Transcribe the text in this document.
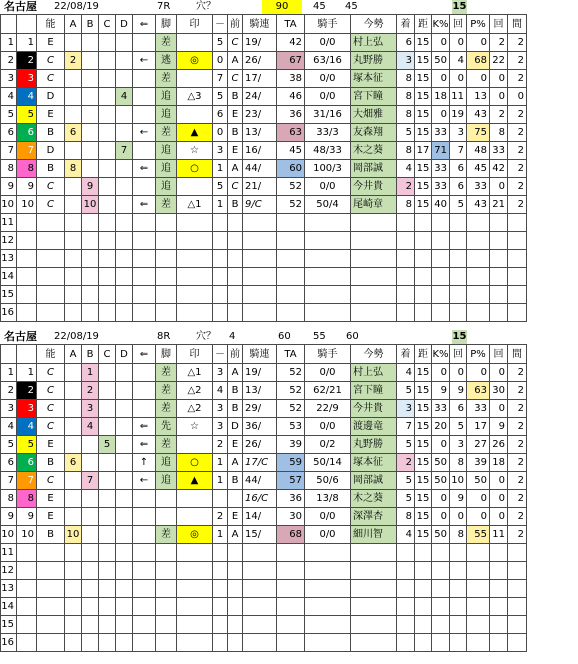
名古屋 22/08/19	7R	穴？	90	45 45	15
		能	A	B	C	D	⇐	脚	印	－	前	騎連	TA	騎手	今勢	着	距	K%	回	P%	回	間
1	1	E						差		5	C	19/	42	0/0	村上弘	6	15	0	0	0	2	2
2	2	C	2				←	逃	◎	0	A	26/	67	63/16	丸野勝	3	15	50	4	68	22	2
3	3	C						差		7	C	17/	38	0/0	塚本征	8	15	0	0	0	0	2
4	4	D				4		追	△3	5	B	24/	46	0/0	宮下瞳	8	15	18	11	13	0	0
5	5	E						追		6	E	23/	36	31/16	大畑雅	8	15	0	19	43	2	2
6	6	B	6				←	差	▲	0	B	13/	63	33/3	友森翔	5	15	33	3	75	8	2
7	7	D				7		追	☆	3	E	16/	45	48/33	木之葵	8	17	71	7	48	33	2
8	8	B	8				⇐	追	○	1	A	44/	60	100/3	岡部誠	4	15	33	6	45	42	2
9	9	C		9				追		5	C	21/	52	0/0	今井貴	2	15	33	6	33	0	2
10	10	C		10			⇐	差	△1	1	B	9/C	52	50/4	尾崎章	8	15	40	5	43	21	2
11																						
12																						
13																						
14																						
15																						
16																						
名古屋 22/08/19	8R	穴？ 4	60 55 60	15
		能	A	B	C	D	⇐	脚	印	－	前	騎連	TA	騎手	今勢	着	距	K%	回	P%	回	間
1	1	C		1				差	△1	3	A	19/	52	0/0	村上弘	4	15	0	0	0	0	2
2	2	C		2				差	△2	4	B	13/	52	62/21	宮下瞳	5	15	9	9	63	30	2
3	3	C		3				差	△2	3	B	29/	52	22/9	今井貴	3	15	33	6	33	0	2
4	4	C		4			⇐	先	☆	3	D	36/	53	0/0	渡邊竜	7	15	20	5	17	9	2
5	5	E			5		⇐	差		2	E	26/	39	0/2	丸野勝	5	15	0	3	27	26	2
6	6	B	6				↑	追	○	1	A	17/C	59	50/14	塚本征	2	15	50	8	39	18	2
7	7	C		7			←	追	▲	1	B	44/	57	50/6	岡部誠	5	15	50	10	50	0	2
8	8	E										16/C	36	13/8	木之葵	5	15	0	9	0	0	2
9	9	E								2	E	14/	30	0/0	深澤杏	8	15	0	0	0	0	2
10	10	B	10					差	◎	1	A	15/	68	0/0	細川智	4	15	50	8	55	11	2
11																						
12																						
13																						
14																						
15																						
16																						
